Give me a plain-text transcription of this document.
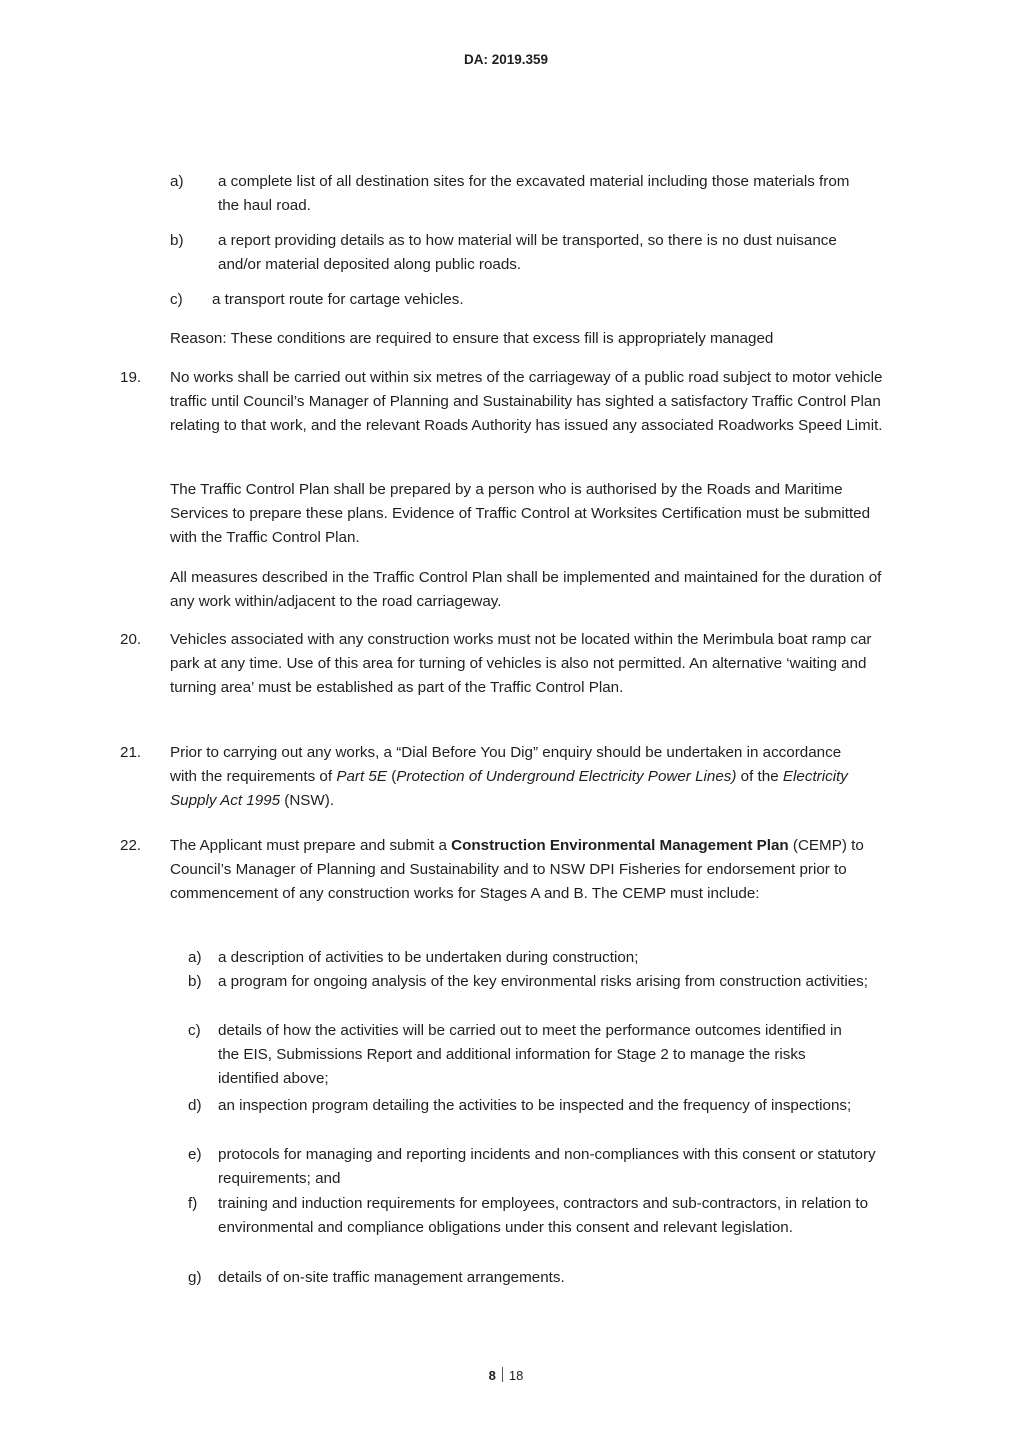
DA: 2019.359
a) a complete list of all destination sites for the excavated material including those materials from the haul road.
b) a report providing details as to how material will be transported, so there is no dust nuisance and/or material deposited along public roads.
c) a transport route for cartage vehicles.
Reason: These conditions are required to ensure that excess fill is appropriately managed
19. No works shall be carried out within six metres of the carriageway of a public road subject to motor vehicle traffic until Council’s Manager of Planning and Sustainability has sighted a satisfactory Traffic Control Plan relating to that work, and the relevant Roads Authority has issued any associated Roadworks Speed Limit.
The Traffic Control Plan shall be prepared by a person who is authorised by the Roads and Maritime Services to prepare these plans. Evidence of Traffic Control at Worksites Certification must be submitted with the Traffic Control Plan.
All measures described in the Traffic Control Plan shall be implemented and maintained for the duration of any work within/adjacent to the road carriageway.
20. Vehicles associated with any construction works must not be located within the Merimbula boat ramp car park at any time. Use of this area for turning of vehicles is also not permitted. An alternative ‘waiting and turning area’ must be established as part of the Traffic Control Plan.
21. Prior to carrying out any works, a “Dial Before You Dig” enquiry should be undertaken in accordance with the requirements of Part 5E (Protection of Underground Electricity Power Lines) of the Electricity Supply Act 1995 (NSW).
22. The Applicant must prepare and submit a Construction Environmental Management Plan (CEMP) to Council’s Manager of Planning and Sustainability and to NSW DPI Fisheries for endorsement prior to commencement of any construction works for Stages A and B. The CEMP must include:
a) a description of activities to be undertaken during construction;
b) a program for ongoing analysis of the key environmental risks arising from construction activities;
c) details of how the activities will be carried out to meet the performance outcomes identified in the EIS, Submissions Report and additional information for Stage 2 to manage the risks identified above;
d) an inspection program detailing the activities to be inspected and the frequency of inspections;
e) protocols for managing and reporting incidents and non-compliances with this consent or statutory requirements; and
f) training and induction requirements for employees, contractors and sub-contractors, in relation to environmental and compliance obligations under this consent and relevant legislation.
g) details of on-site traffic management arrangements.
8 18
